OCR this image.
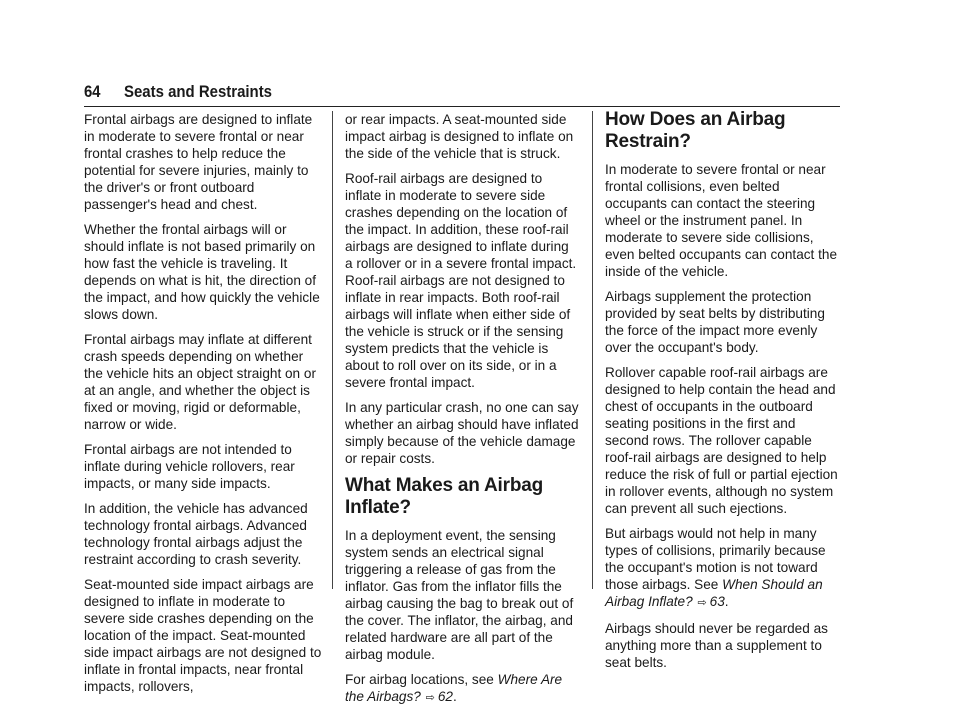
64 Seats and Restraints

Frontal airbags are designed to inflate in moderate to severe frontal or near frontal crashes to help reduce the potential for severe injuries, mainly to the driver's or front outboard passenger's head and chest.

Whether the frontal airbags will or should inflate is not based primarily on how fast the vehicle is traveling. It depends on what is hit, the direction of the impact, and how quickly the vehicle slows down.

Frontal airbags may inflate at different crash speeds depending on whether the vehicle hits an object straight on or at an angle, and whether the object is fixed or moving, rigid or deformable, narrow or wide.

Frontal airbags are not intended to inflate during vehicle rollovers, rear impacts, or many side impacts.

In addition, the vehicle has advanced technology frontal airbags. Advanced technology frontal airbags adjust the restraint according to crash severity.

Seat-mounted side impact airbags are designed to inflate in moderate to severe side crashes depending on the location of the impact. Seat-mounted side impact airbags are not designed to inflate in frontal impacts, near frontal impacts, rollovers,

or rear impacts. A seat-mounted side impact airbag is designed to inflate on the side of the vehicle that is struck.

Roof-rail airbags are designed to inflate in moderate to severe side crashes depending on the location of the impact. In addition, these roof-rail airbags are designed to inflate during a rollover or in a severe frontal impact. Roof-rail airbags are not designed to inflate in rear impacts. Both roof-rail airbags will inflate when either side of the vehicle is struck or if the sensing system predicts that the vehicle is about to roll over on its side, or in a severe frontal impact.

In any particular crash, no one can say whether an airbag should have inflated simply because of the vehicle damage or repair costs.

What Makes an Airbag Inflate?

In a deployment event, the sensing system sends an electrical signal triggering a release of gas from the inflator. Gas from the inflator fills the airbag causing the bag to break out of the cover. The inflator, the airbag, and related hardware are all part of the airbag module.

For airbag locations, see Where Are the Airbags? ⇨ 62.

How Does an Airbag Restrain?

In moderate to severe frontal or near frontal collisions, even belted occupants can contact the steering wheel or the instrument panel. In moderate to severe side collisions, even belted occupants can contact the inside of the vehicle.

Airbags supplement the protection provided by seat belts by distributing the force of the impact more evenly over the occupant's body.

Rollover capable roof-rail airbags are designed to help contain the head and chest of occupants in the outboard seating positions in the first and second rows. The rollover capable roof-rail airbags are designed to help reduce the risk of full or partial ejection in rollover events, although no system can prevent all such ejections.

But airbags would not help in many types of collisions, primarily because the occupant's motion is not toward those airbags. See When Should an Airbag Inflate? ⇨ 63.

Airbags should never be regarded as anything more than a supplement to seat belts.
